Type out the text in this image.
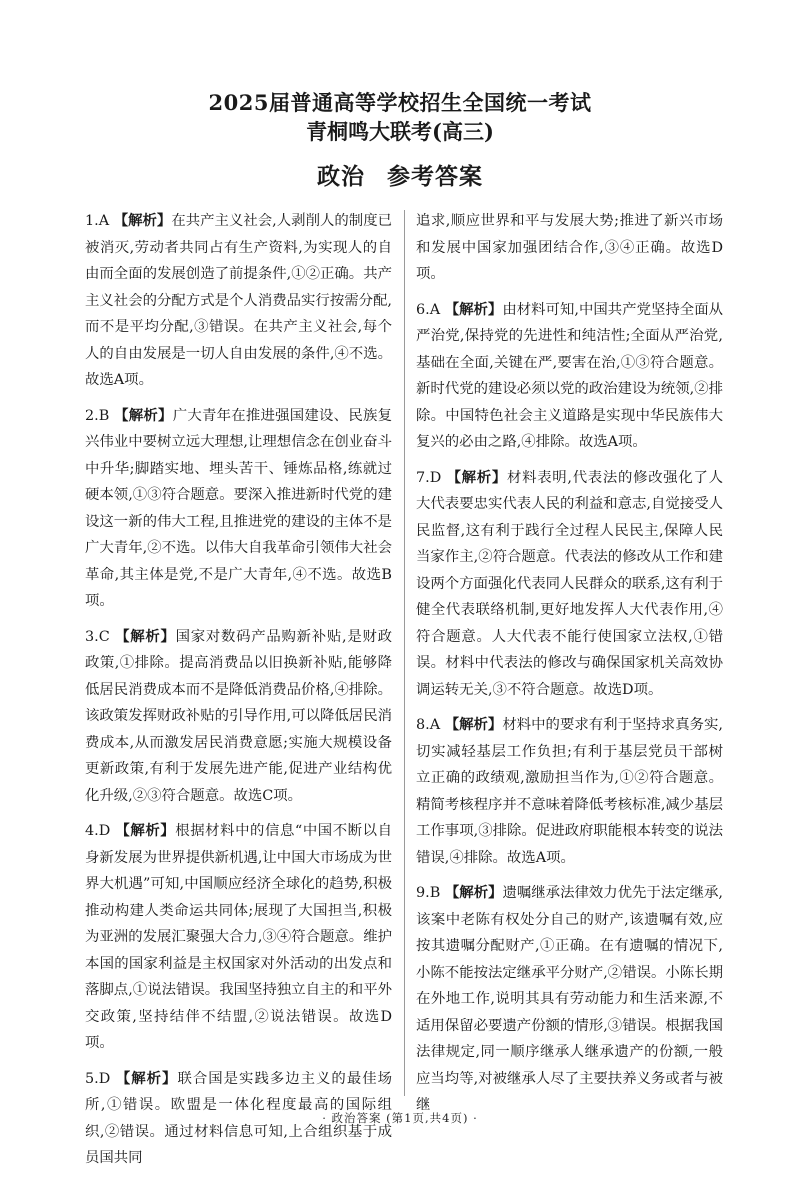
2025届普通高等学校招生全国统一考试
青桐鸣大联考(高三)
政治 参考答案

1.A 【解析】在共产主义社会,人剥削人的制度已被消灭,劳动者共同占有生产资料,为实现人的自由而全面的发展创造了前提条件,①②正确。共产主义社会的分配方式是个人消费品实行按需分配,而不是平均分配,③错误。在共产主义社会,每个人的自由发展是一切人自由发展的条件,④不选。故选A项。

2.B 【解析】广大青年在推进强国建设、民族复兴伟业中要树立远大理想,让理想信念在创业奋斗中升华;脚踏实地、埋头苦干、锤炼品格,练就过硬本领,①③符合题意。要深入推进新时代党的建设这一新的伟大工程,且推进党的建设的主体不是广大青年,②不选。以伟大自我革命引领伟大社会革命,其主体是党,不是广大青年,④不选。故选B项。

3.C 【解析】国家对数码产品购新补贴,是财政政策,①排除。提高消费品以旧换新补贴,能够降低居民消费成本而不是降低消费品价格,④排除。该政策发挥财政补贴的引导作用,可以降低居民消费成本,从而激发居民消费意愿;实施大规模设备更新政策,有利于发展先进产能,促进产业结构优化升级,②③符合题意。故选C项。

4.D 【解析】根据材料中的信息“中国不断以自身新发展为世界提供新机遇,让中国大市场成为世界大机遇”可知,中国顺应经济全球化的趋势,积极推动构建人类命运共同体;展现了大国担当,积极为亚洲的发展汇聚强大合力,③④符合题意。维护本国的国家利益是主权国家对外活动的出发点和落脚点,①说法错误。我国坚持独立自主的和平外交政策,坚持结伴不结盟,②说法错误。故选D项。

5.D 【解析】联合国是实践多边主义的最佳场所,①错误。欧盟是一体化程度最高的国际组织,②错误。通过材料信息可知,上合组织基于成员国共同

追求,顺应世界和平与发展大势;推进了新兴市场和发展中国家加强团结合作,③④正确。故选D项。

6.A 【解析】由材料可知,中国共产党坚持全面从严治党,保持党的先进性和纯洁性;全面从严治党,基础在全面,关键在严,要害在治,①③符合题意。新时代党的建设必须以党的政治建设为统领,②排除。中国特色社会主义道路是实现中华民族伟大复兴的必由之路,④排除。故选A项。

7.D 【解析】材料表明,代表法的修改强化了人大代表要忠实代表人民的利益和意志,自觉接受人民监督,这有利于践行全过程人民民主,保障人民当家作主,②符合题意。代表法的修改从工作和建设两个方面强化代表同人民群众的联系,这有利于健全代表联络机制,更好地发挥人大代表作用,④符合题意。人大代表不能行使国家立法权,①错误。材料中代表法的修改与确保国家机关高效协调运转无关,③不符合题意。故选D项。

8.A 【解析】材料中的要求有利于坚持求真务实,切实减轻基层工作负担;有利于基层党员干部树立正确的政绩观,激励担当作为,①②符合题意。精简考核程序并不意味着降低考核标准,减少基层工作事项,③排除。促进政府职能根本转变的说法错误,④排除。故选A项。

9.B 【解析】遗嘱继承法律效力优先于法定继承,该案中老陈有权处分自己的财产,该遗嘱有效,应按其遗嘱分配财产,①正确。在有遗嘱的情况下,小陈不能按法定继承平分财产,②错误。小陈长期在外地工作,说明其具有劳动能力和生活来源,不适用保留必要遗产份额的情形,③错误。根据我国法律规定,同一顺序继承人继承遗产的份额,一般应当均等,对被继承人尽了主要扶养义务或者与被继

· 政治答案 (第1页,共4页) ·
